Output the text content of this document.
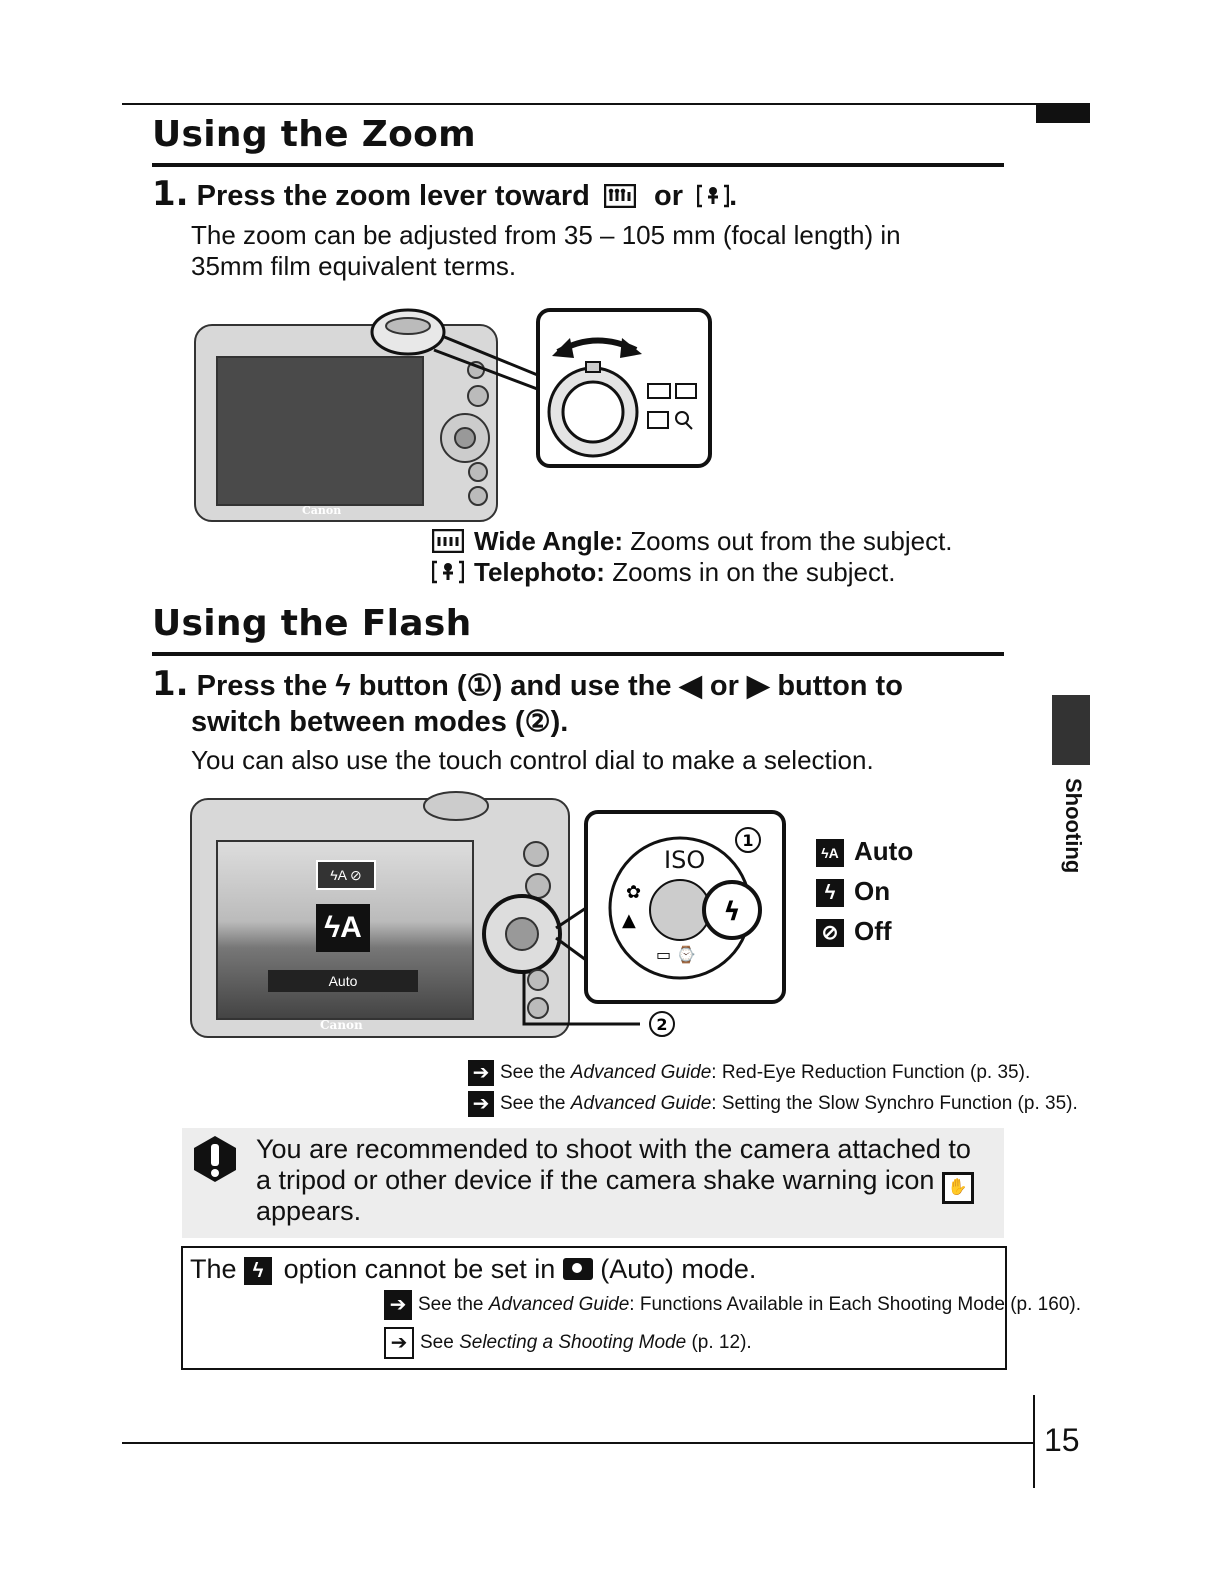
Using the Zoom
1. Press the zoom lever toward or .
The zoom can be adjusted from 35 – 105 mm (focal length) in
35mm film equivalent terms.
Canon
Wide Angle: Zooms out from the subject.
Telephoto: Zooms in on the subject.
Using the Flash
1. Press the ϟ button (①) and use the ◀ or ▶ button to
switch between modes (②).
You can also use the touch control dial to make a selection.
ϟA ⊘
ϟA
Auto
Canon	2
ϟ
✿
▲
▭ ⌚
1
ISO	ϟA Auto
ϟ On
⊘ Off
➔ See the Advanced Guide: Red-Eye Reduction Function (p. 35).
➔ See the Advanced Guide: Setting the Slow Synchro Function (p. 35).
You are recommended to shoot with the camera attached to
a tripod or other device if the camera shake warning icon ✋
appears.
The ϟ option cannot be set in (Auto) mode.
➔ See the Advanced Guide: Functions Available in Each Shooting Mode (p. 160).
➔ See Selecting a Shooting Mode (p. 12).
Shooting
15
